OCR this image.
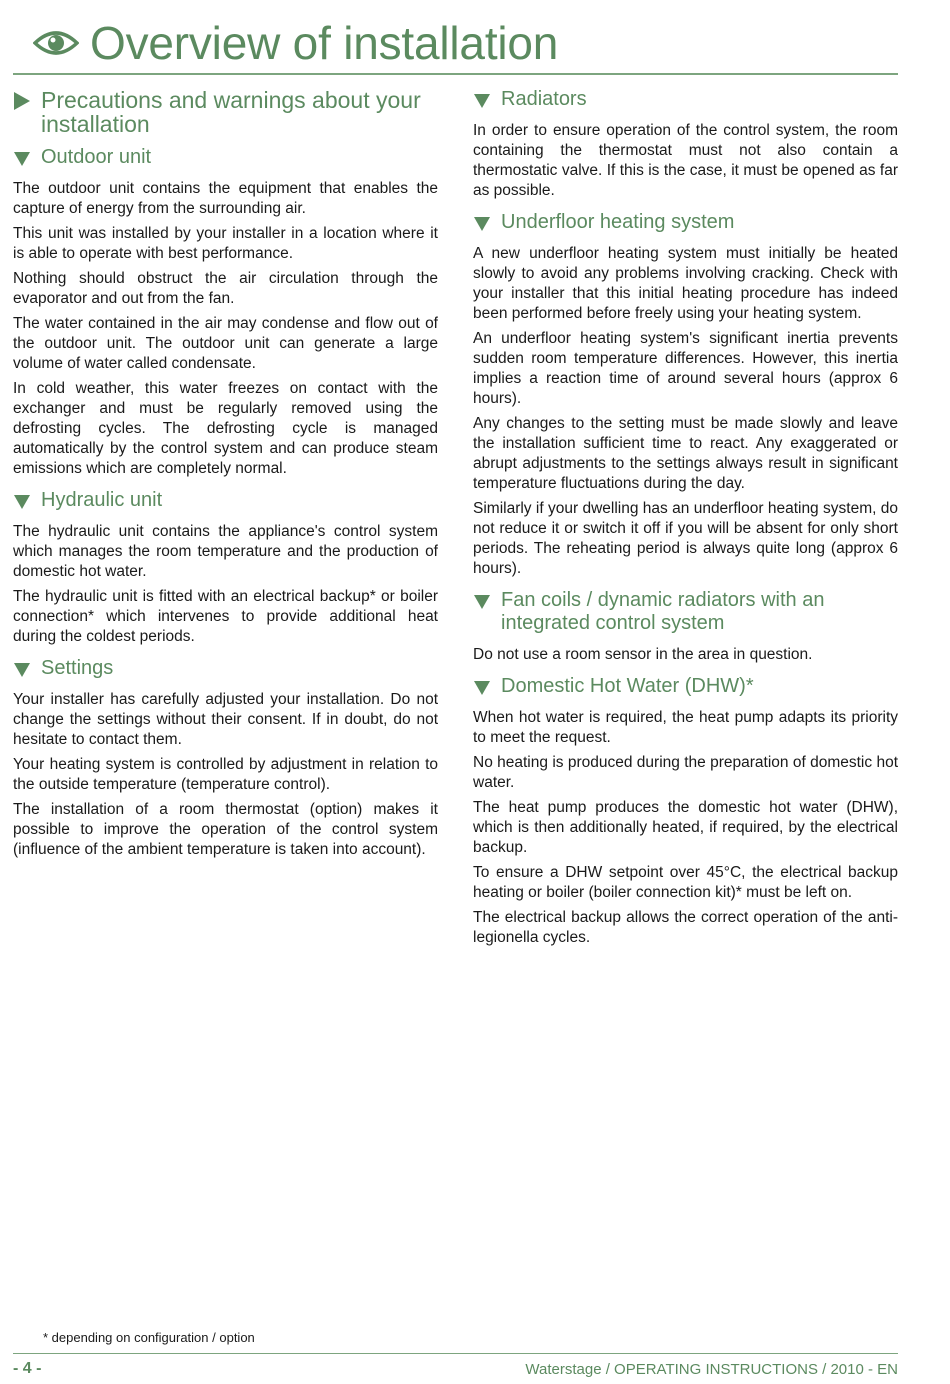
Overview of installation
Precautions and warnings about your installation
Outdoor unit

The outdoor unit contains the equipment that enables the capture of energy from the surrounding air.

This unit was installed by your installer in a location where it is able to operate with best performance.

Nothing should obstruct the air circulation through the evaporator and out from the fan.

The water contained in the air may condense and flow out of the outdoor unit. The outdoor unit can generate a large volume of water called condensate.

In cold weather, this water freezes on contact with the exchanger and must be regularly removed using the defrosting cycles. The defrosting cycle is managed automatically by the control system and can produce steam emissions which are completely normal.

Hydraulic unit

The hydraulic unit contains the appliance's control system which manages the room temperature and the production of domestic hot water.

The hydraulic unit is fitted with an electrical backup* or boiler connection* which intervenes to provide additional heat during the coldest periods.

Settings

Your installer has carefully adjusted your installation. Do not change the settings without their consent. If in doubt, do not hesitate to contact them.

Your heating system is controlled by adjustment in relation to the outside temperature (temperature control).

The installation of a room thermostat (option) makes it possible to improve the operation of the control system (influence of the ambient temperature is taken into account).

Radiators

In order to ensure operation of the control system, the room containing the thermostat must not also contain a thermostatic valve. If this is the case, it must be opened as far as possible.

Underfloor heating system

A new underfloor heating system must initially be heated slowly to avoid any problems involving cracking. Check with your installer that this initial heating procedure has indeed been performed before freely using your heating system.

An underfloor heating system's significant inertia prevents sudden room temperature differences. However, this inertia implies a reaction time of around several hours (approx 6 hours).

Any changes to the setting must be made slowly and leave the installation sufficient time to react. Any exaggerated or abrupt adjustments to the settings always result in significant temperature fluctuations during the day.

Similarly if your dwelling has an underfloor heating system, do not reduce it or switch it off if you will be absent for only short periods. The reheating period is always quite long (approx 6 hours).

Fan coils / dynamic radiators with an integrated control system

Do not use a room sensor in the area in question.

Domestic Hot Water (DHW)*

When hot water is required, the heat pump adapts its priority to meet the request.

No heating is produced during the preparation of domestic hot water.

The heat pump produces the domestic hot water (DHW), which is then additionally heated, if required, by the electrical backup.

To ensure a DHW setpoint over 45°C, the electrical backup heating or boiler (boiler connection kit)* must be left on.

The electrical backup allows the correct operation of the anti-legionella cycles.

* depending on configuration / option
- 4 -	Waterstage / OPERATING INSTRUCTIONS / 2010 - EN
